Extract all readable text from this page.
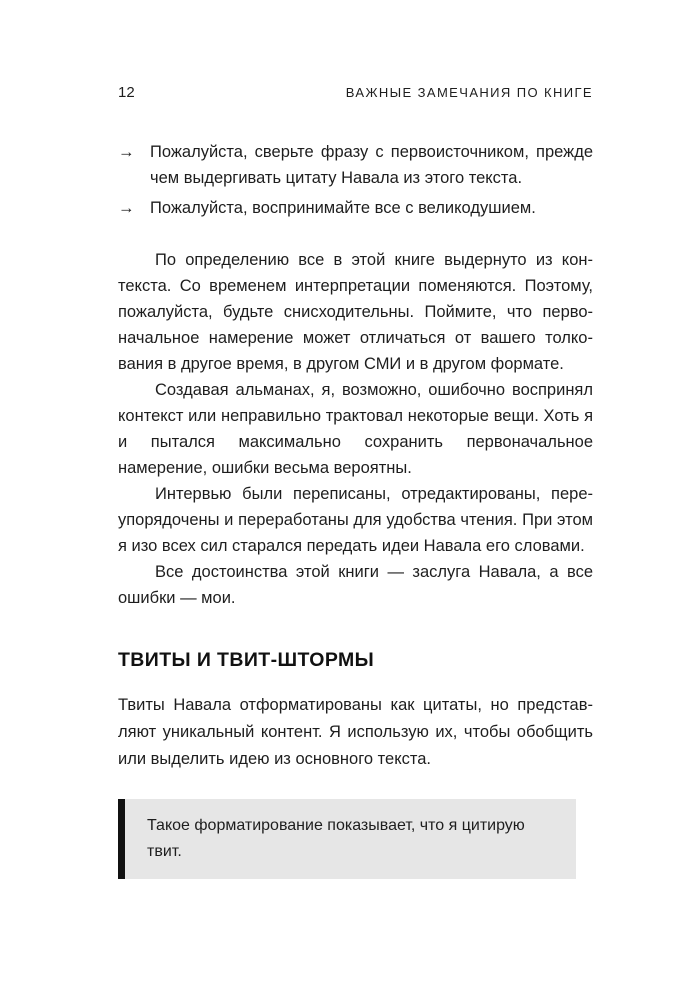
12	ВАЖНЫЕ ЗАМЕЧАНИЯ ПО КНИГЕ
→ Пожалуйста, сверьте фразу с первоисточником, прежде чем выдергивать цитату Навала из этого текста.
→ Пожалуйста, воспринимайте все с великодушием.

По определению все в этой книге выдернуто из контекста. Со временем интерпретации поменяются. Поэтому, пожалуйста, будьте снисходительны. Поймите, что первоначальное намерение может отличаться от вашего толкования в другое время, в другом СМИ и в другом формате.

Создавая альманах, я, возможно, ошибочно воспринял контекст или неправильно трактовал некоторые вещи. Хоть я и пытался максимально сохранить первоначальное намерение, ошибки весьма вероятны.

Интервью были переписаны, отредактированы, переупорядочены и переработаны для удобства чтения. При этом я изо всех сил старался передать идеи Навала его словами.

Все достоинства этой книги — заслуга Навала, а все ошибки — мои.

ТВИТЫ И ТВИТ-ШТОРМЫ

Твиты Навала отформатированы как цитаты, но представляют уникальный контент. Я использую их, чтобы обобщить или выделить идею из основного текста.

Такое форматирование показывает, что я цитирую твит.
